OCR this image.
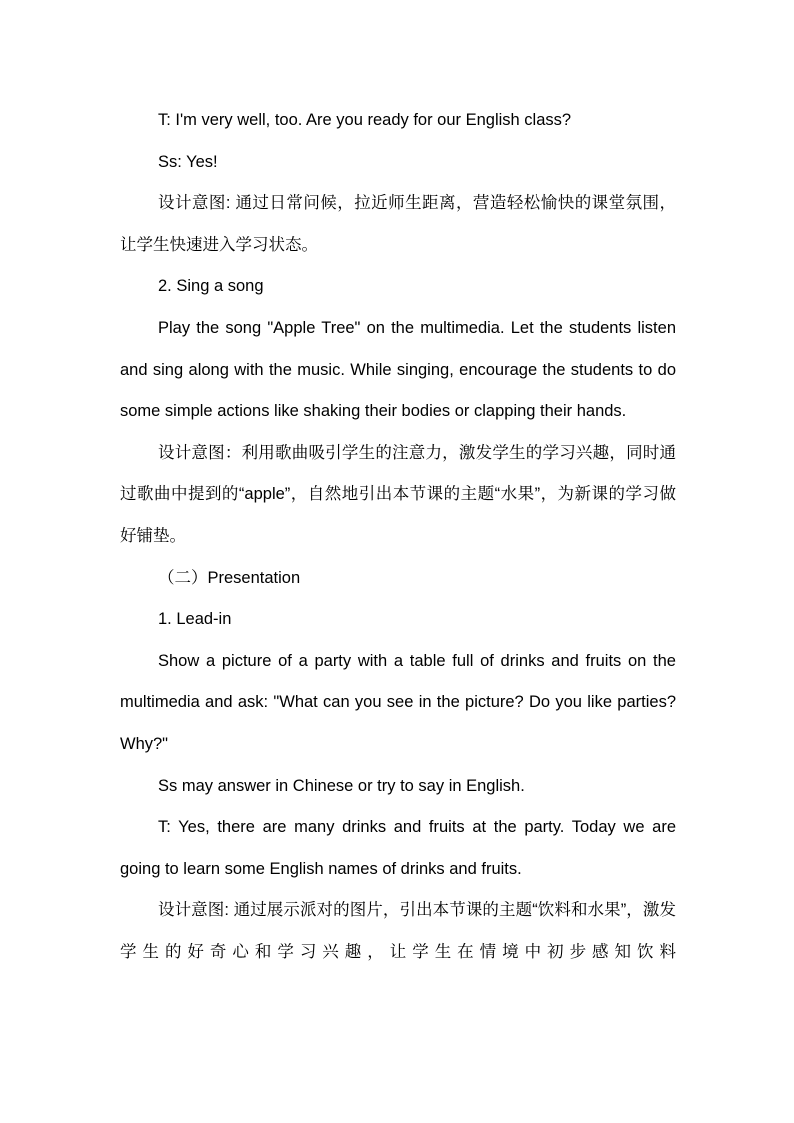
T: I'm very well, too. Are you ready for our English class?

Ss: Yes!

设计意图: 通过日常问候，拉近师生距离，营造轻松愉快的课堂氛围，让学生快速进入学习状态。

2. Sing a song

Play the song "Apple Tree" on the multimedia. Let the students listen and sing along with the music. While singing, encourage the students to do some simple actions like shaking their bodies or clapping their hands.

设计意图：利用歌曲吸引学生的注意力，激发学生的学习兴趣，同时通过歌曲中提到的“apple”，自然地引出本节课的主题“水果”，为新课的学习做好铺垫。

（二）Presentation

1. Lead-in

Show a picture of a party with a table full of drinks and fruits on the multimedia and ask: "What can you see in the picture? Do you like parties? Why?"

Ss may answer in Chinese or try to say in English.

T: Yes, there are many drinks and fruits at the party. Today we are going to learn some English names of drinks and fruits.

设计意图: 通过展示派对的图片，引出本节课的主题“饮料和水果”，激发学生的好奇心和学习兴趣，让学生在情境中初步感知饮料
